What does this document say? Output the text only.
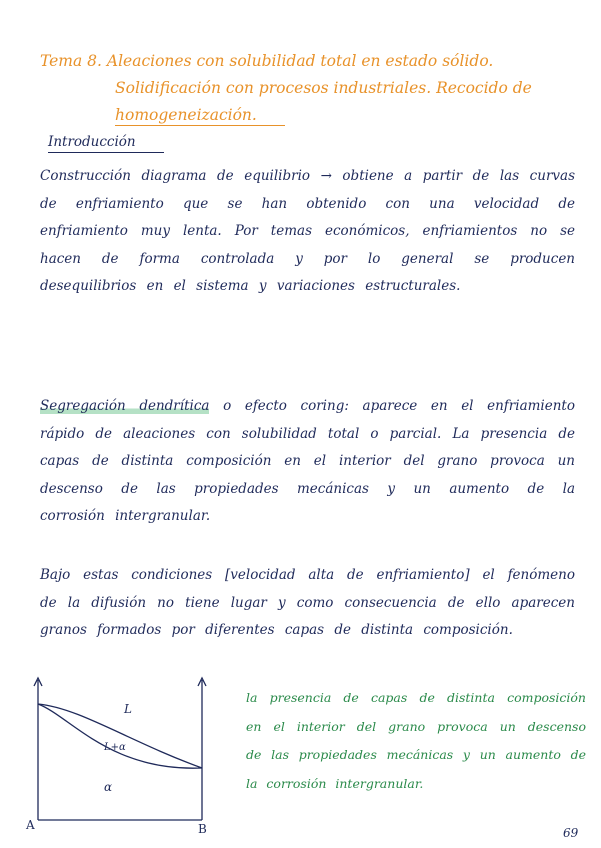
Tema 8. Aleaciones con solubilidad total en estado sólido.
Solidificación con procesos industriales. Recocido de
homogeneización.
Introducción
Construcción diagrama de equilibrio → obtiene a partir de las curvas de enfriamiento que se han obtenido con una velocidad de enfriamiento muy lenta. Por temas económicos, enfriamientos no se hacen de forma controlada y por lo general se producen desequilibrios en el sistema y variaciones estructurales.
Segregación dendrítica o efecto coring: aparece en el enfriamiento rápido de aleaciones con solubilidad total o parcial. La presencia de capas de distinta composición en el interior del grano provoca un descenso de las propiedades mecánicas y un aumento de la corrosión intergranular.
Bajo estas condiciones [velocidad alta de enfriamiento] el fenómeno de la difusión no tiene lugar y como consecuencia de ello aparecen granos formados por diferentes capas de distinta composición.
L
L+α
α
A	B
la presencia de capas de distinta composición en el interior del grano provoca un descenso de las propiedades mecánicas y un aumento de la corrosión intergranular.
69
